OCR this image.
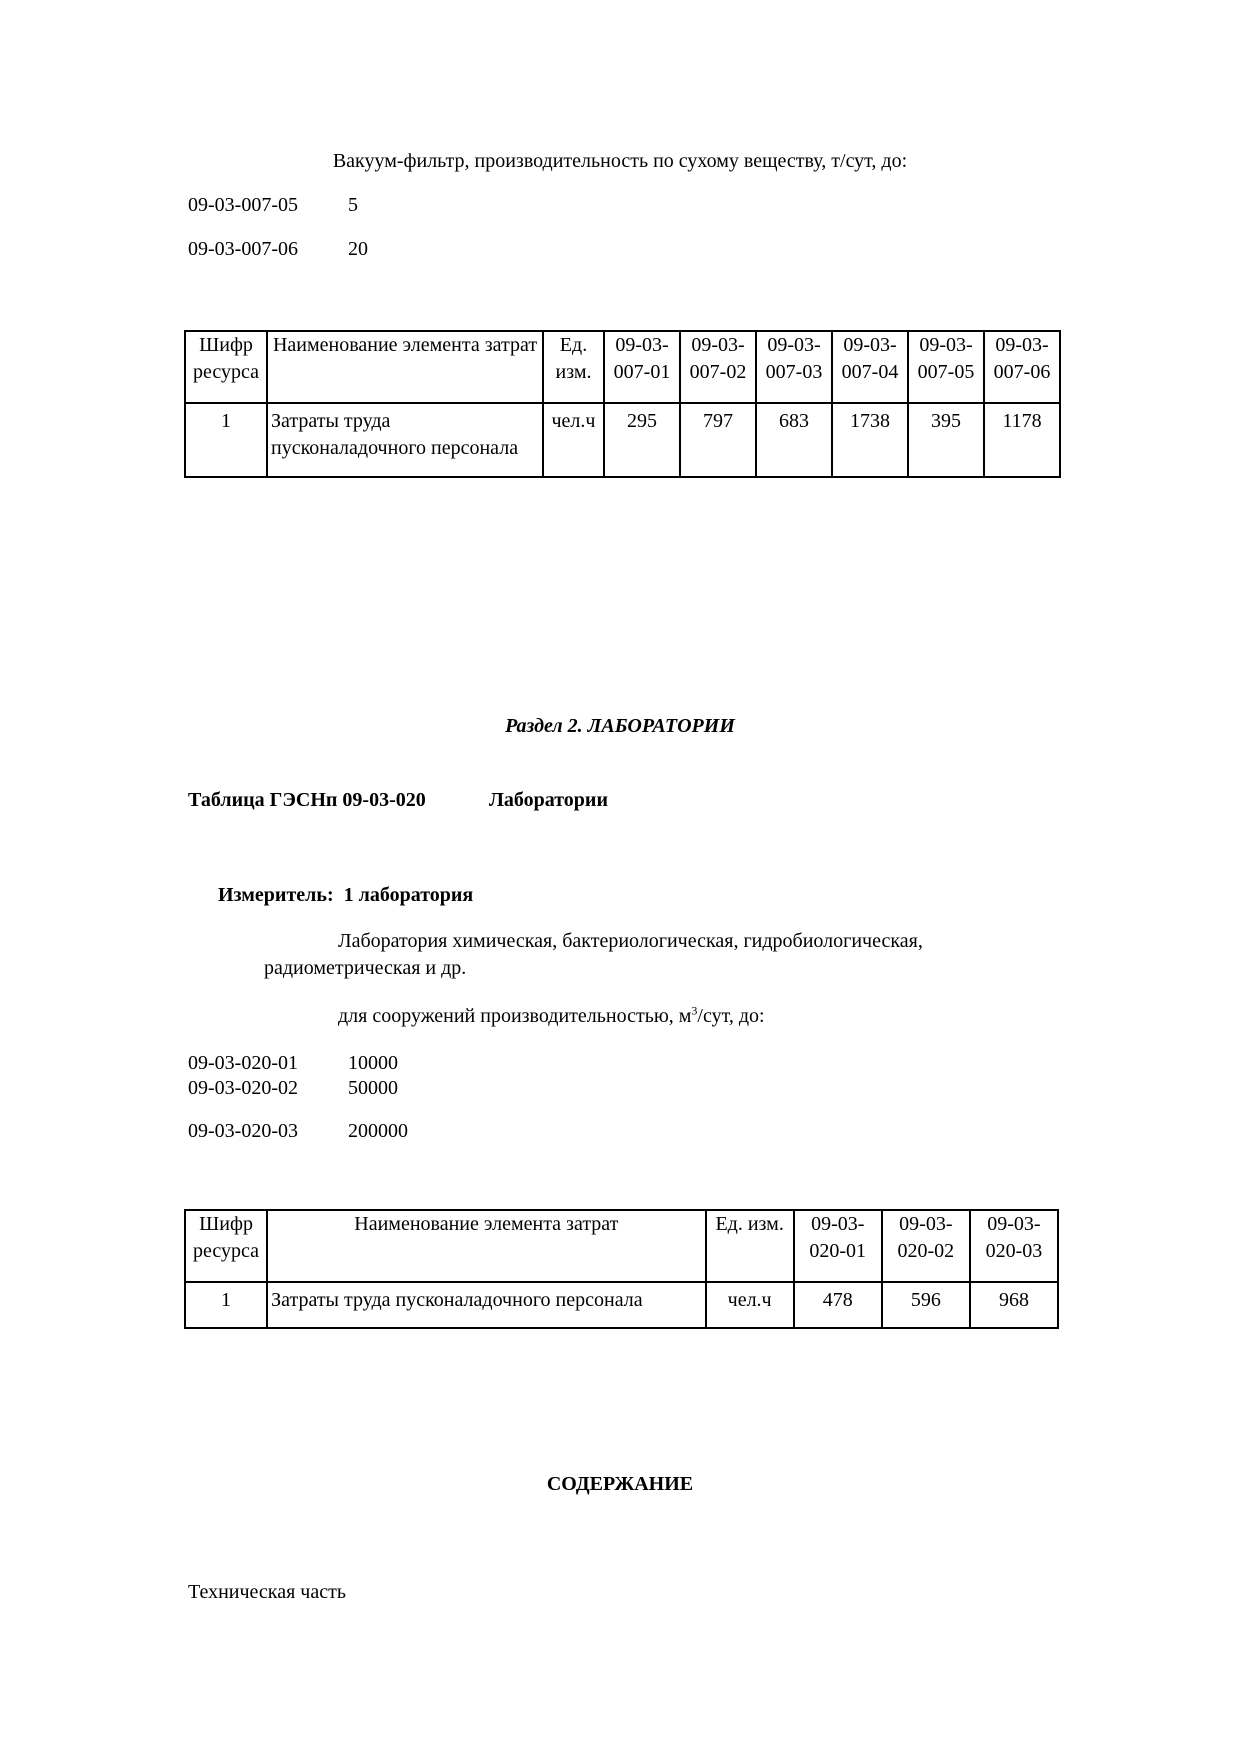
Вакуум-фильтр, производительность по сухому веществу, т/сут, до:
09-03-007-05	5
09-03-007-06	20
Шифр ресурса	Наименование элемента затрат	Ед. изм.	09-03-007-01	09-03-007-02	09-03-007-03	09-03-007-04	09-03-007-05	09-03-007-06
1	Затраты труда пусконаладочного персонала	чел.ч	295	797	683	1738	395	1178
Раздел 2. ЛАБОРАТОРИИ
Таблица ГЭСНп 09-03-020	Лаборатории
Измеритель: 1 лаборатория
Лаборатория химическая, бактериологическая, гидробиологическая, радиометрическая и др.
для сооружений производительностью, $м^3$/сут, до:
09-03-020-01	10000
09-03-020-02	50000
09-03-020-03	200000
Шифр ресурса	Наименование элемента затрат	Ед. изм.	09-03-020-01	09-03-020-02	09-03-020-03
1	Затраты труда пусконаладочного персонала	чел.ч	478	596	968
СОДЕРЖАНИЕ
Техническая часть
